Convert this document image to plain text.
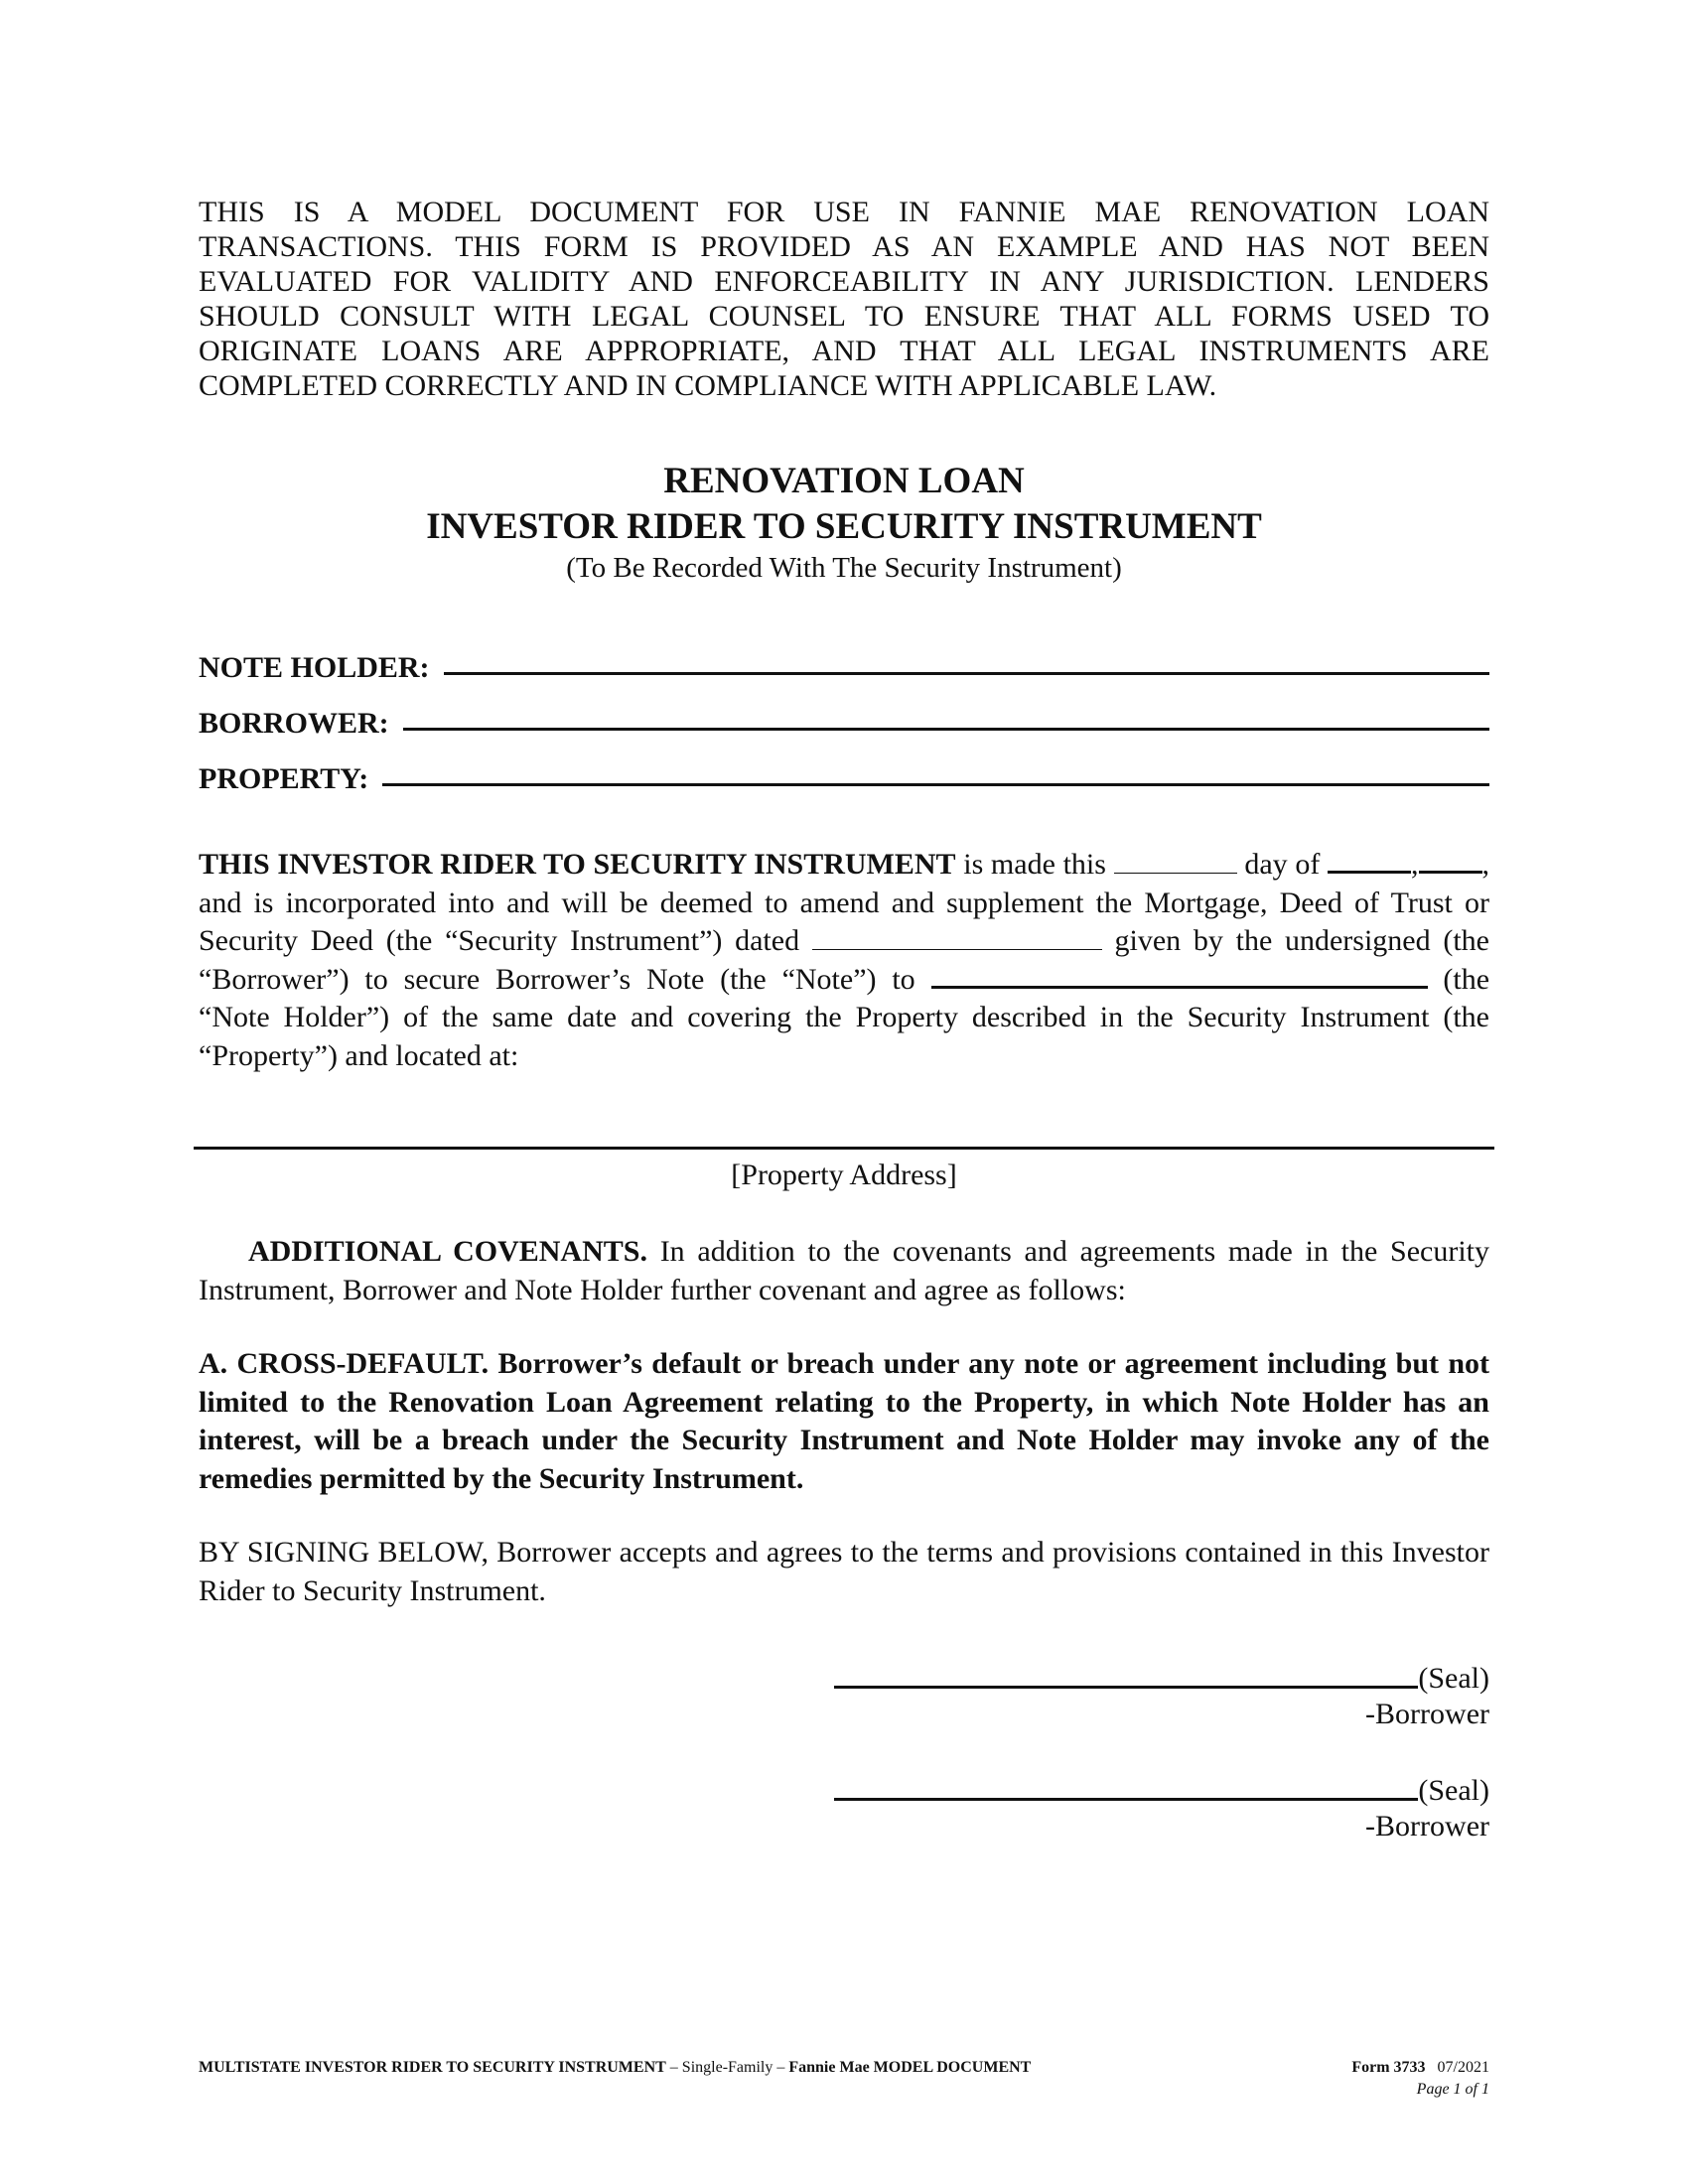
THIS IS A MODEL DOCUMENT FOR USE IN FANNIE MAE RENOVATION LOAN TRANSACTIONS. THIS FORM IS PROVIDED AS AN EXAMPLE AND HAS NOT BEEN EVALUATED FOR VALIDITY AND ENFORCEABILITY IN ANY JURISDICTION. LENDERS SHOULD CONSULT WITH LEGAL COUNSEL TO ENSURE THAT ALL FORMS USED TO ORIGINATE LOANS ARE APPROPRIATE, AND THAT ALL LEGAL INSTRUMENTS ARE COMPLETED CORRECTLY AND IN COMPLIANCE WITH APPLICABLE LAW.

RENOVATION LOAN
INVESTOR RIDER TO SECURITY INSTRUMENT
(To Be Recorded With The Security Instrument)
NOTE HOLDER:
BORROWER:
PROPERTY:

THIS INVESTOR RIDER TO SECURITY INSTRUMENT is made this	day of	, , and is incorporated into and will be deemed to amend and supplement the Mortgage, Deed of Trust or Security Deed (the “Security Instrument”) dated	given by the undersigned (the “Borrower”) to secure Borrower’s Note (the “Note”) to	(the “Note Holder”) of the same date and covering the Property described in the Security Instrument (the “Property”) and located at:

[Property Address]

ADDITIONAL COVENANTS. In addition to the covenants and agreements made in the Security Instrument, Borrower and Note Holder further covenant and agree as follows:

A. CROSS-DEFAULT. Borrower’s default or breach under any note or agreement including but not limited to the Renovation Loan Agreement relating to the Property, in which Note Holder has an interest, will be a breach under the Security Instrument and Note Holder may invoke any of the remedies permitted by the Security Instrument.

BY SIGNING BELOW, Borrower accepts and agrees to the terms and provisions contained in this Investor Rider to Security Instrument.

(Seal)
-Borrower
(Seal)
-Borrower
MULTISTATE INVESTOR RIDER TO SECURITY INSTRUMENT – Single-Family – Fannie Mae MODEL DOCUMENT	Form 3733 07/2021
Page 1 of 1
